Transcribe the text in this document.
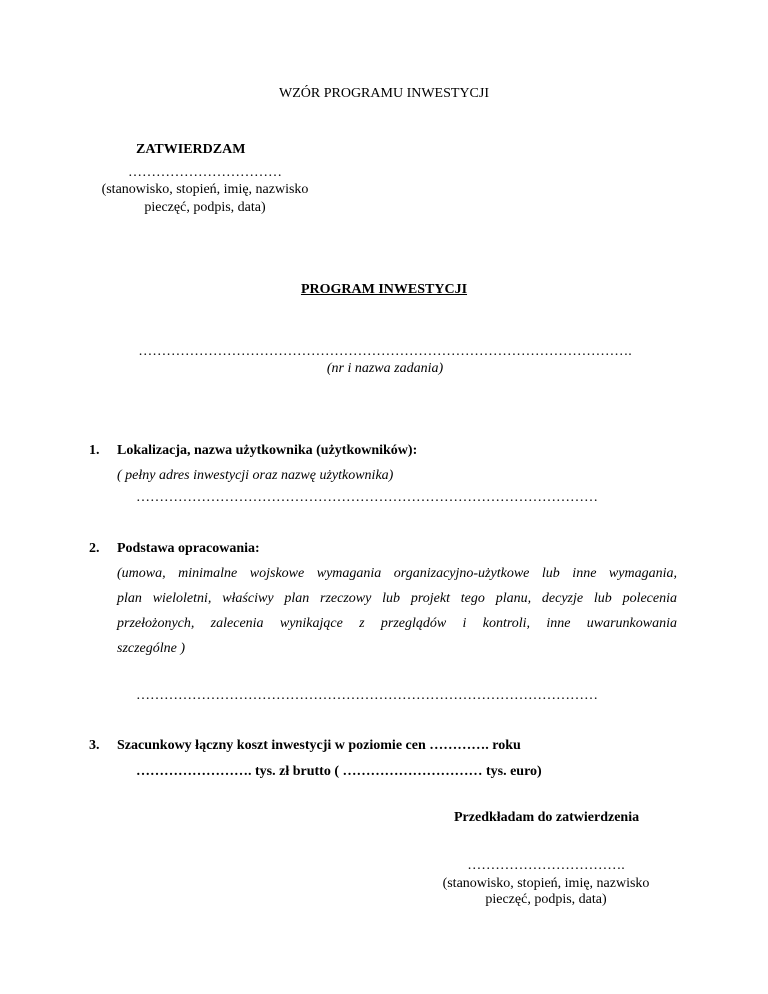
WZÓR PROGRAMU INWESTYCJI
ZATWIERDZAM
……………………………
(stanowisko, stopień, imię, nazwisko
pieczęć, podpis, data)
PROGRAM INWESTYCJI
…………………………………………………………………………………………….
(nr i nazwa zadania)
1. Lokalizacja, nazwa użytkownika (użytkowników):
( pełny adres inwestycji oraz nazwę użytkownika)
………………………………………………………………………………………
2. Podstawa opracowania:
(umowa, minimalne wojskowe wymagania organizacyjno-użytkowe lub inne wymagania,
plan wieloletni, właściwy plan rzeczowy lub projekt tego planu, decyzje lub polecenia
przełożonych, zalecenia wynikające z przeglądów i kontroli, inne uwarunkowania
szczególne )
………………………………………………………………………………………
3. Szacunkowy łączny koszt inwestycji w poziomie cen …………. roku
……………………. tys. zł brutto ( ………………………… tys. euro)
Przedkładam do zatwierdzenia
…………………………….
(stanowisko, stopień, imię, nazwisko
pieczęć, podpis, data)
